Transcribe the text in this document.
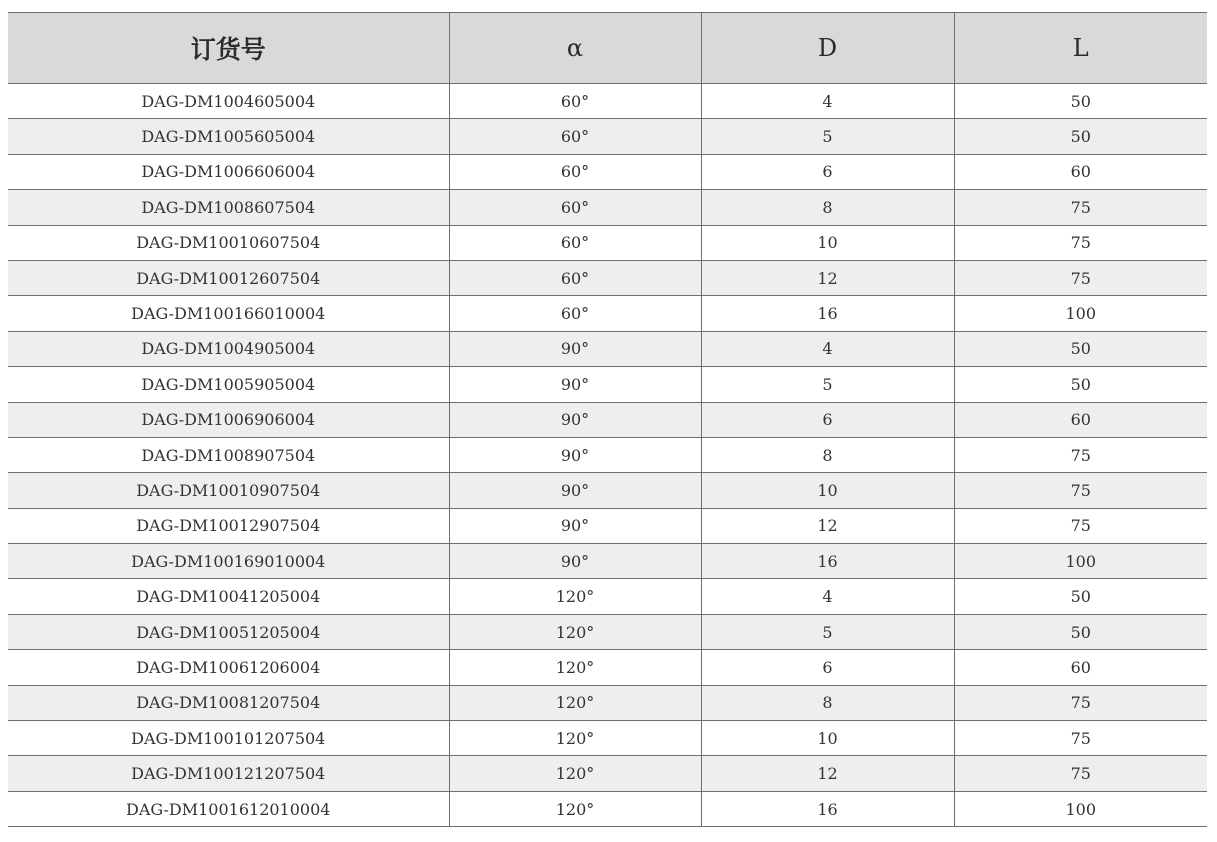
订货号	α	D	L
DAG-DM1004605004	60°	4	50
DAG-DM1005605004	60°	5	50
DAG-DM1006606004	60°	6	60
DAG-DM1008607504	60°	8	75
DAG-DM10010607504	60°	10	75
DAG-DM10012607504	60°	12	75
DAG-DM100166010004	60°	16	100
DAG-DM1004905004	90°	4	50
DAG-DM1005905004	90°	5	50
DAG-DM1006906004	90°	6	60
DAG-DM1008907504	90°	8	75
DAG-DM10010907504	90°	10	75
DAG-DM10012907504	90°	12	75
DAG-DM100169010004	90°	16	100
DAG-DM10041205004	120°	4	50
DAG-DM10051205004	120°	5	50
DAG-DM10061206004	120°	6	60
DAG-DM10081207504	120°	8	75
DAG-DM100101207504	120°	10	75
DAG-DM100121207504	120°	12	75
DAG-DM1001612010004	120°	16	100
